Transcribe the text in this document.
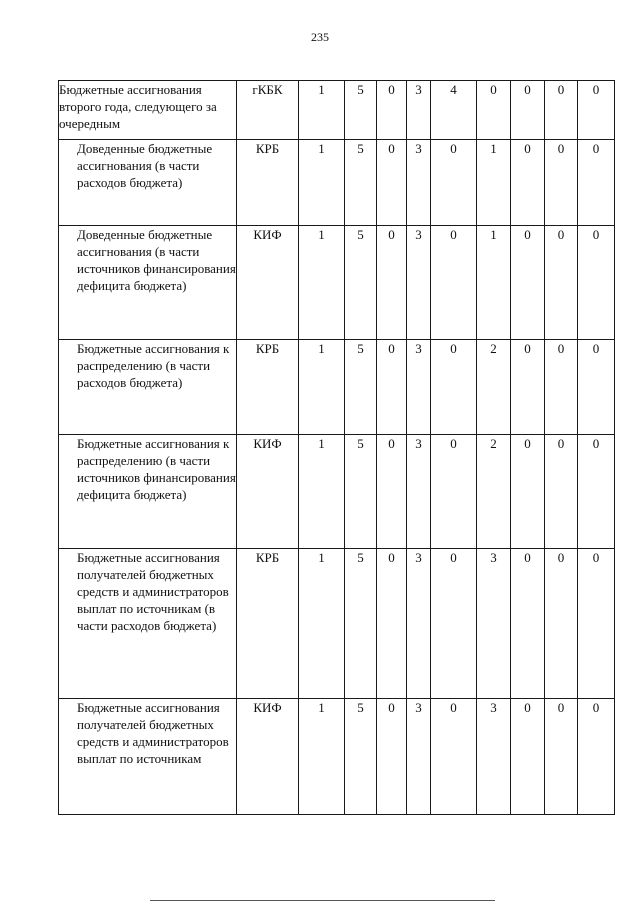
235
Бюджетные ассигнования второго года, следующего за очередным	гКБК	1	5	0	3	4	0	0	0	0
Доведенные бюджетные ассигнования (в части расходов бюджета)	КРБ	1	5	0	3	0	1	0	0	0
Доведенные бюджетные ассигнования (в части источников финансирования дефицита бюджета)	КИФ	1	5	0	3	0	1	0	0	0
Бюджетные ассигнования к распределению (в части расходов бюджета)	КРБ	1	5	0	3	0	2	0	0	0
Бюджетные ассигнования к распределению (в части источников финансирования дефицита бюджета)	КИФ	1	5	0	3	0	2	0	0	0
Бюджетные ассигнования получателей бюджетных средств и администраторов выплат по источникам (в части расходов бюджета)	КРБ	1	5	0	3	0	3	0	0	0
Бюджетные ассигнования получателей бюджетных средств и администраторов выплат по источникам	КИФ	1	5	0	3	0	3	0	0	0
